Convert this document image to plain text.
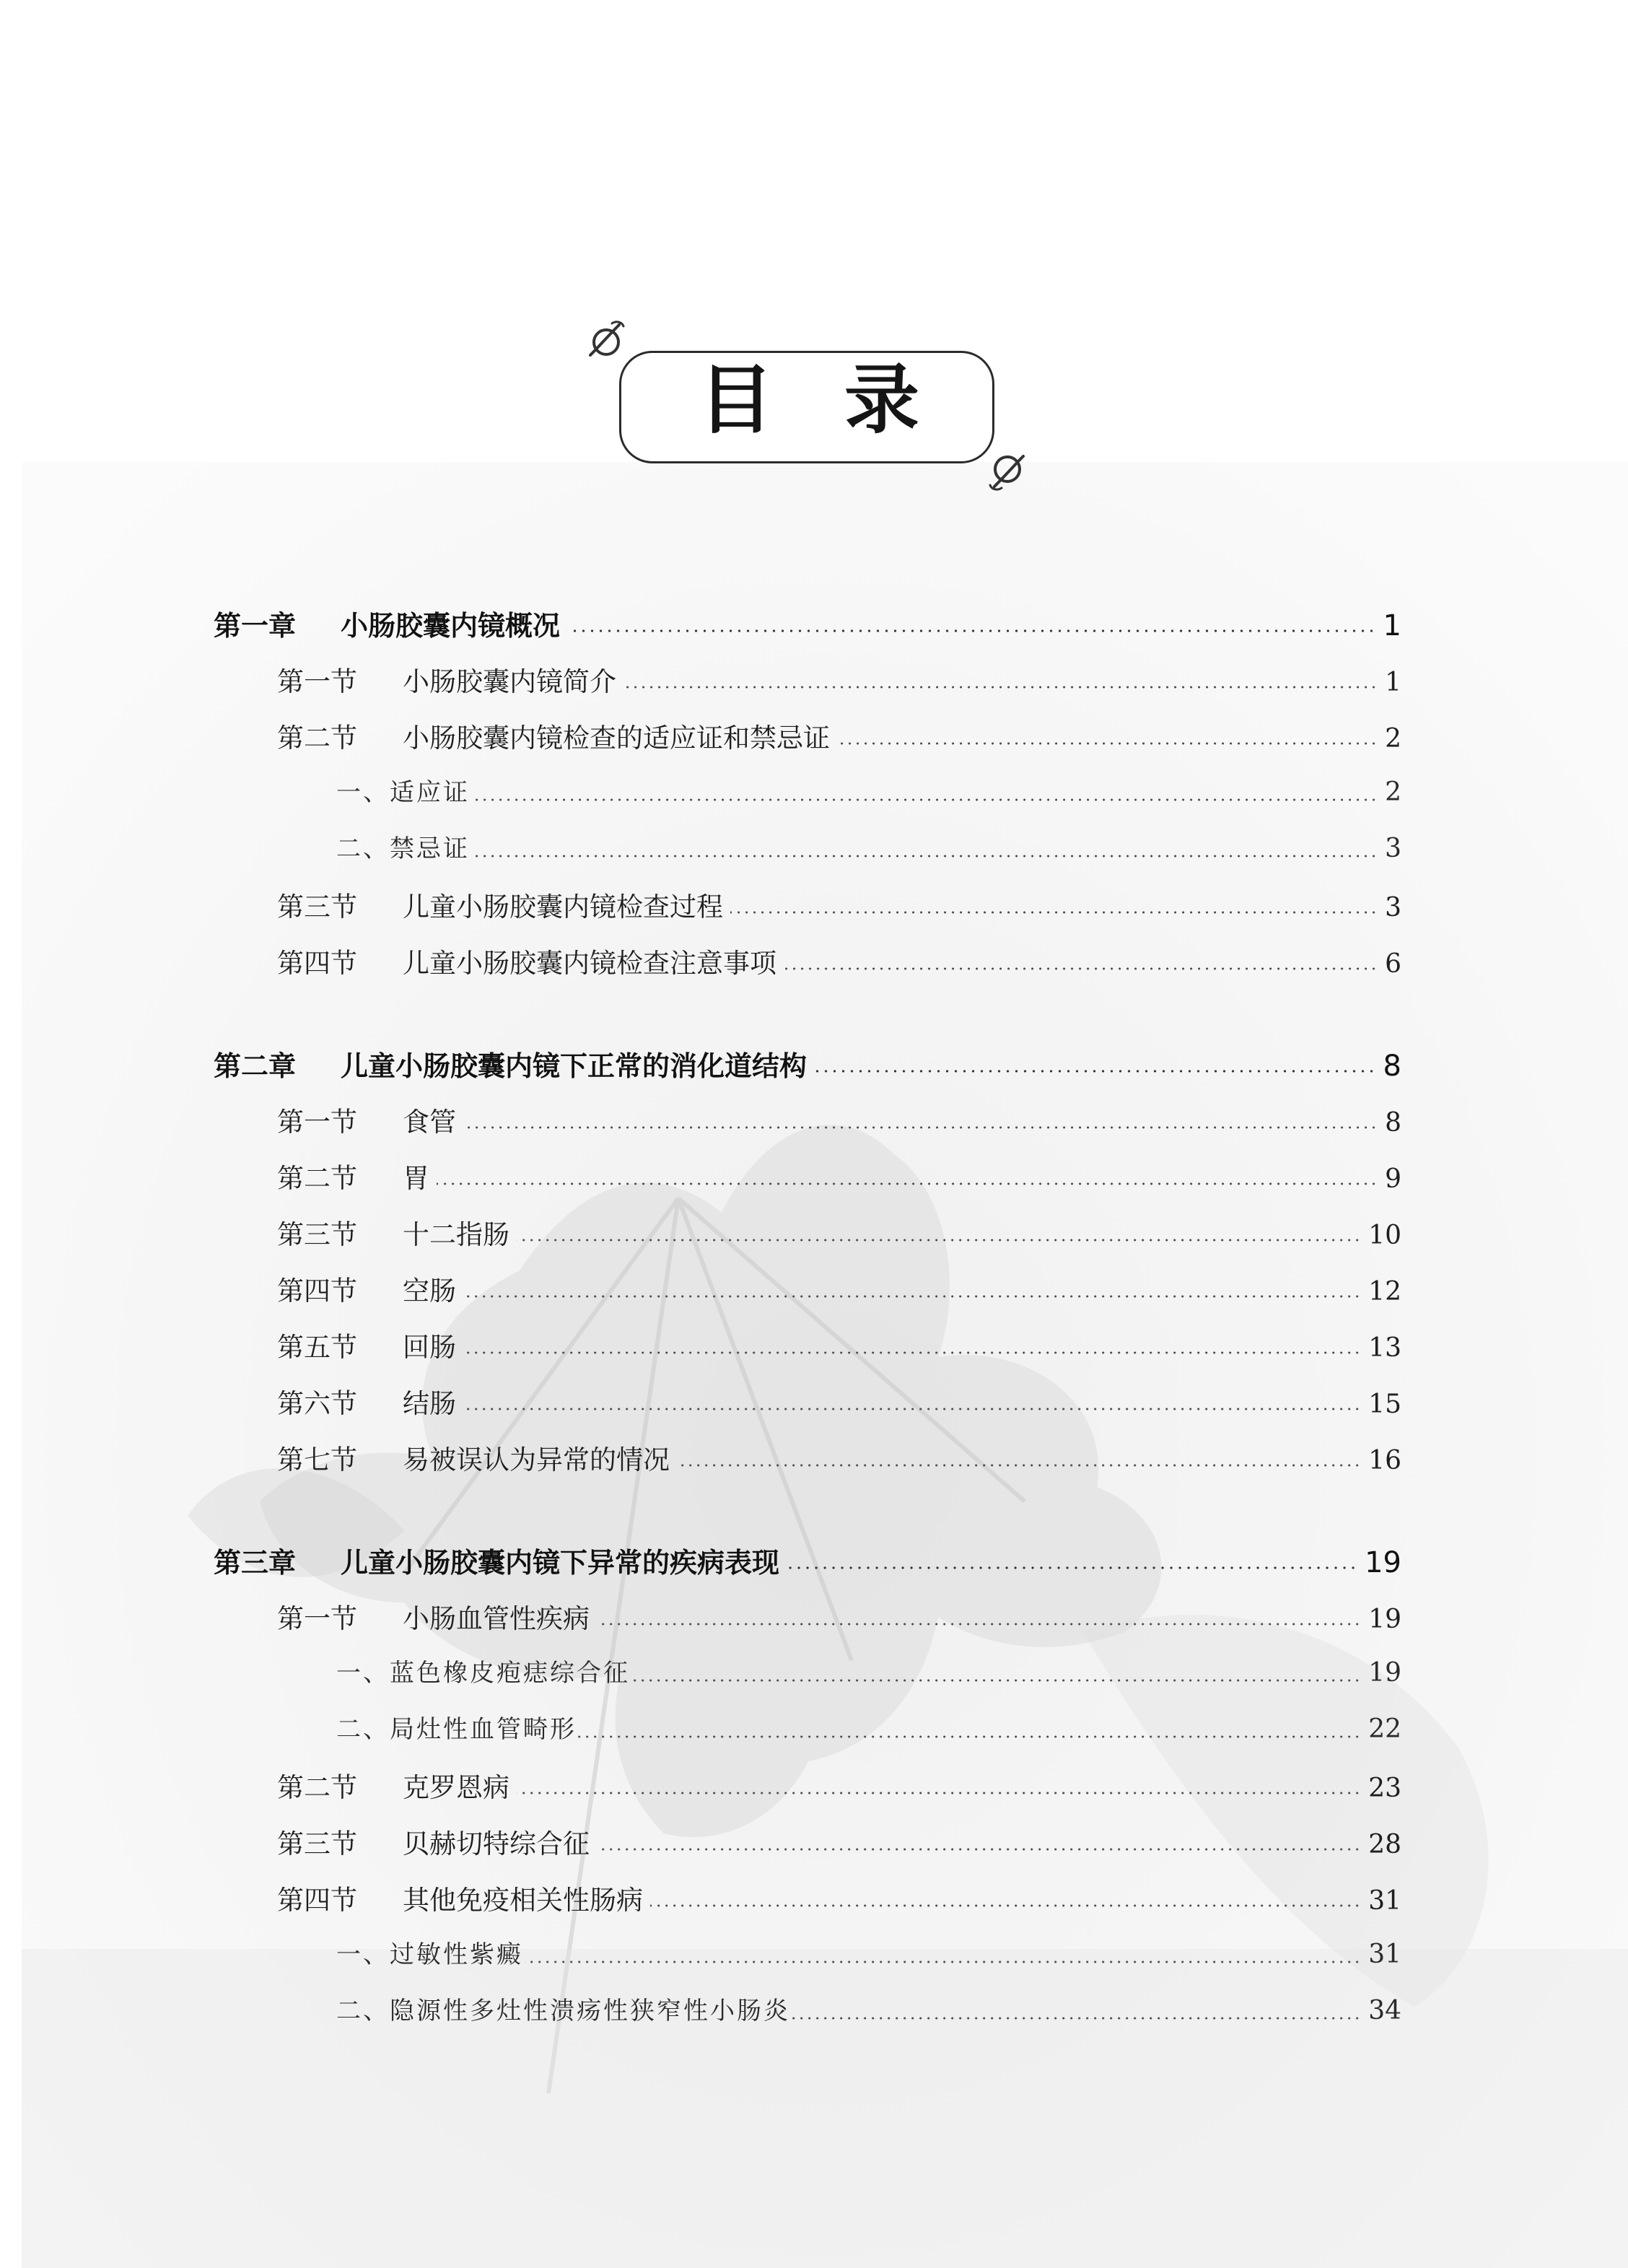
目 录
第一章 小肠胶囊内镜概况	1
第一节 小肠胶囊内镜简介	1
第二节 小肠胶囊内镜检查的适应证和禁忌证	2
一、适应证	2
二、禁忌证	3
第三节 儿童小肠胶囊内镜检查过程	3
第四节 儿童小肠胶囊内镜检查注意事项	6
第二章 儿童小肠胶囊内镜下正常的消化道结构	8
第一节 食管	8
第二节 胃	9
第三节 十二指肠	10
第四节 空肠	12
第五节 回肠	13
第六节 结肠	15
第七节 易被误认为异常的情况	16
第三章 儿童小肠胶囊内镜下异常的疾病表现	19
第一节 小肠血管性疾病	19
一、蓝色橡皮疱痣综合征	19
二、局灶性血管畸形	22
第二节 克罗恩病	23
第三节 贝赫切特综合征	28
第四节 其他免疫相关性肠病	31
一、过敏性紫癜	31
二、隐源性多灶性溃疡性狭窄性小肠炎	34
